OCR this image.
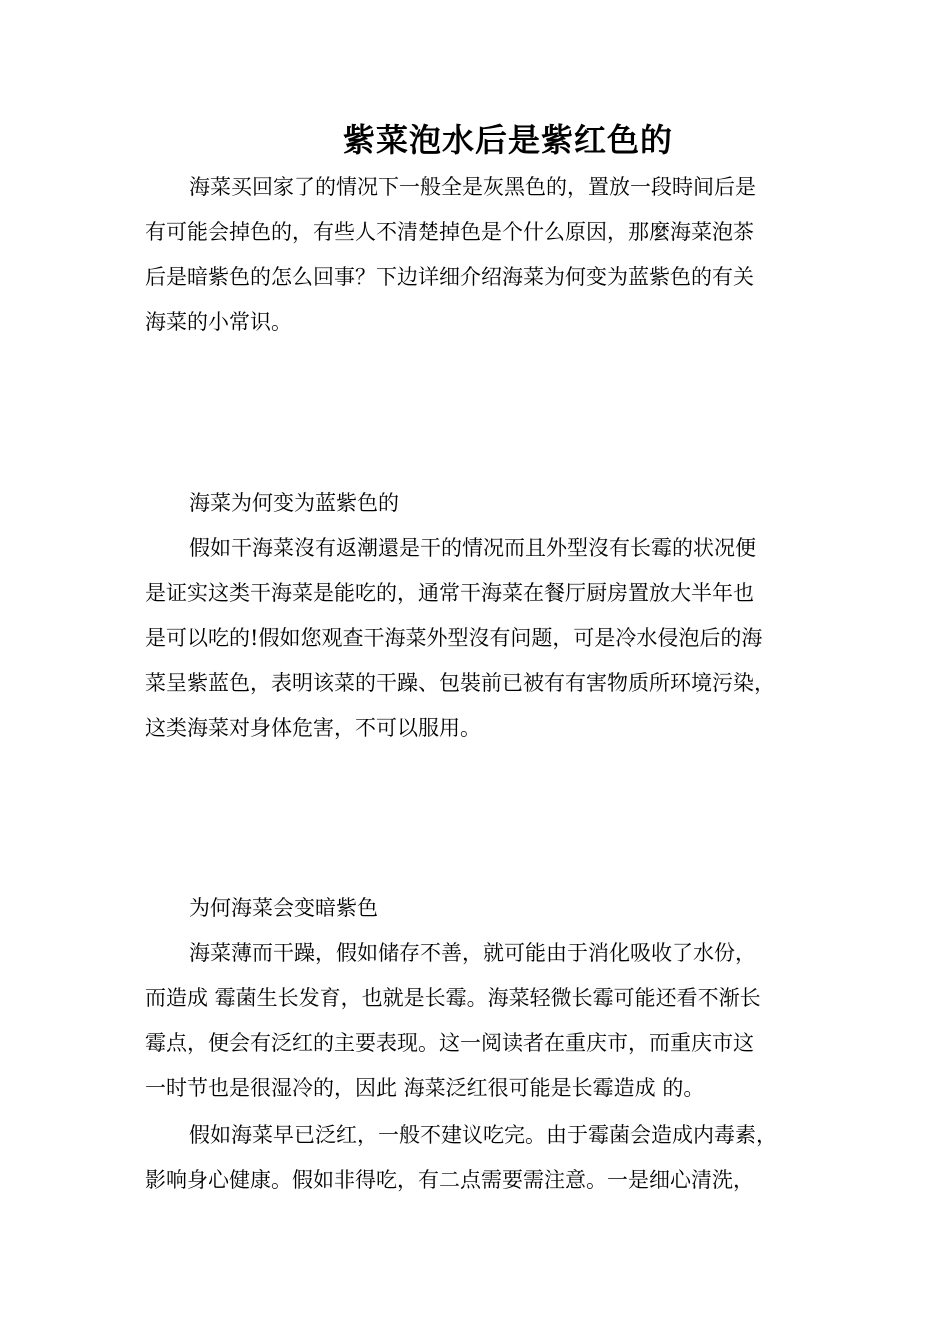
紫菜泡水后是紫红色的
海菜买回家了的情况下一般全是灰黑色的，置放一段時间后是
有可能会掉色的，有些人不清楚掉色是个什么原因，那麼海菜泡茶
后是暗紫色的怎么回事？下边详细介绍海菜为何变为蓝紫色的有关
海菜的小常识。
海菜为何变为蓝紫色的
假如干海菜沒有返潮還是干的情况而且外型沒有长霉的状况便
是证实这类干海菜是能吃的，通常干海菜在餐厅厨房置放大半年也
是可以吃的!假如您观查干海菜外型沒有问题，可是冷水侵泡后的海
菜呈紫蓝色，表明该菜的干躁、包裝前已被有有害物质所环境污染，
这类海菜对身体危害，不可以服用。
为何海菜会变暗紫色
海菜薄而干躁，假如储存不善，就可能由于消化吸收了水份，
而造成 霉菌生长发育，也就是长霉。海菜轻微长霉可能还看不渐长
霉点，便会有泛红的主要表现。这一阅读者在重庆市，而重庆市这
一时节也是很湿冷的，因此 海菜泛红很可能是长霉造成 的。
假如海菜早已泛红，一般不建议吃完。由于霉菌会造成内毒素，
影响身心健康。假如非得吃，有二点需要需注意。一是细心清洗，
